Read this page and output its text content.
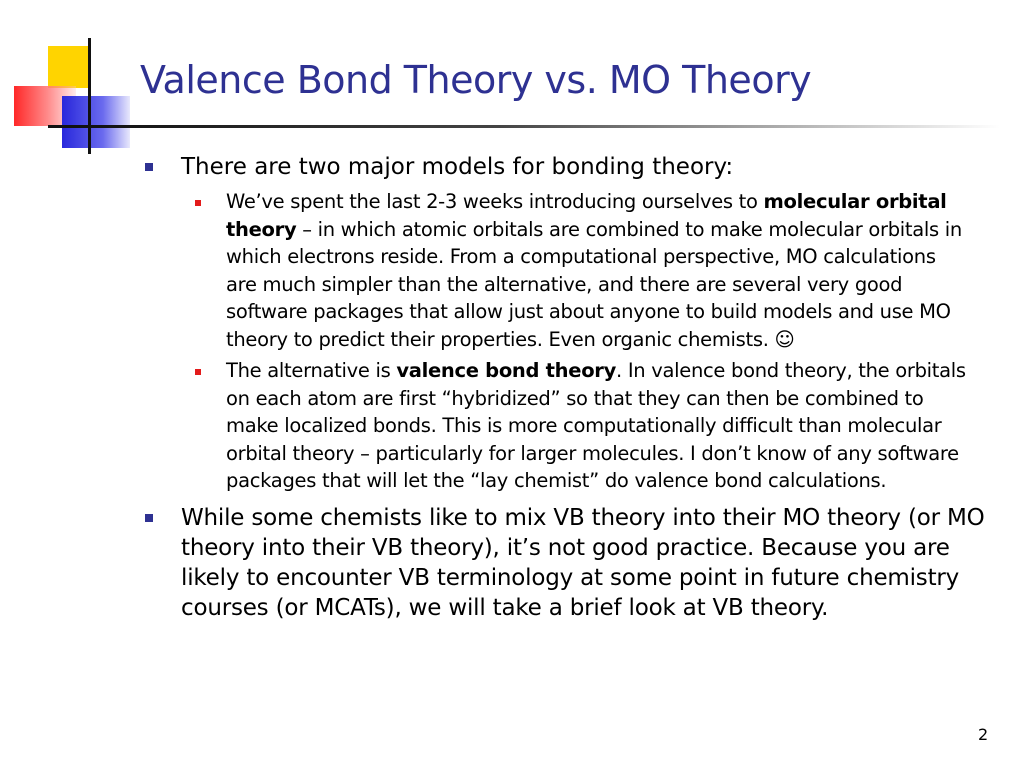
Valence Bond Theory vs. MO Theory
There are two major models for bonding theory:
We’ve spent the last 2-3 weeks introducing ourselves to molecular orbital theory – in which atomic orbitals are combined to make molecular orbitals in which electrons reside. From a computational perspective, MO calculations are much simpler than the alternative, and there are several very good software packages that allow just about anyone to build models and use MO theory to predict their properties. Even organic chemists. ☺
The alternative is valence bond theory. In valence bond theory, the orbitals on each atom are first “hybridized” so that they can then be combined to make localized bonds. This is more computationally difficult than molecular orbital theory – particularly for larger molecules. I don’t know of any software packages that will let the “lay chemist” do valence bond calculations.
While some chemists like to mix VB theory into their MO theory (or MO theory into their VB theory), it’s not good practice. Because you are likely to encounter VB terminology at some point in future chemistry courses (or MCATs), we will take a brief look at VB theory.
2
